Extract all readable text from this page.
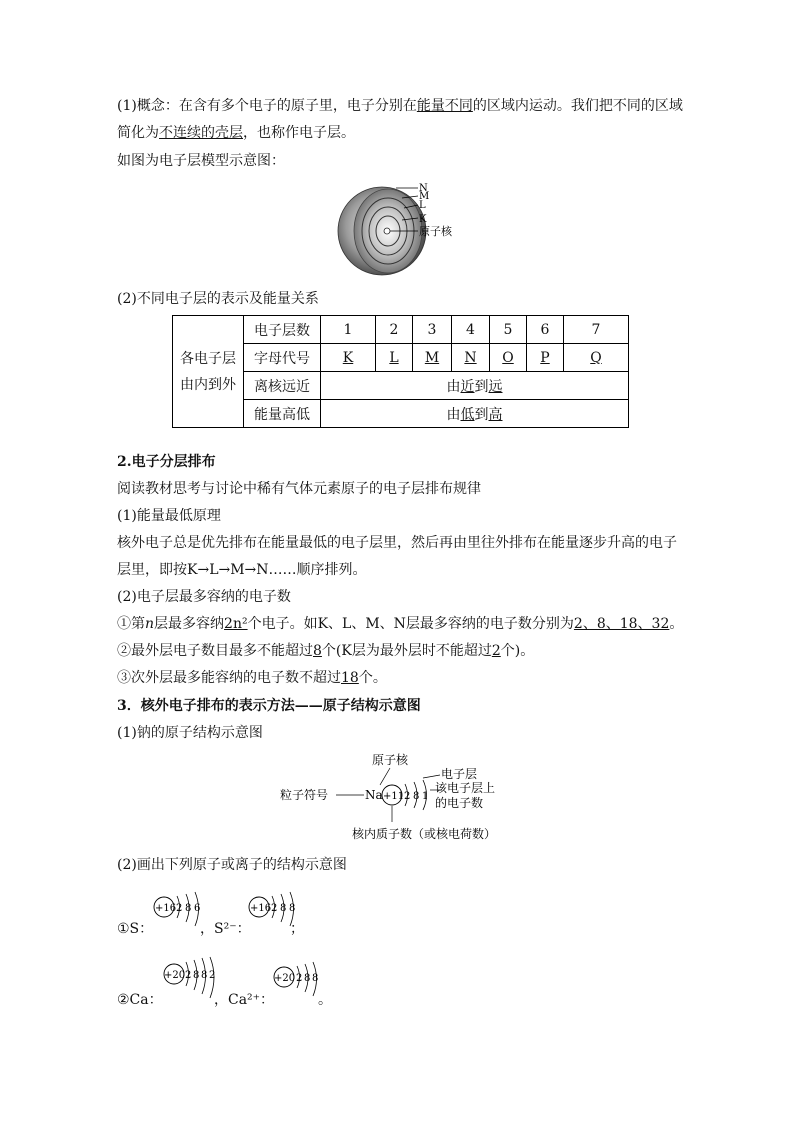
(1)概念：在含有多个电子的原子里，电子分别在能量不同的区域内运动。我们把不同的区域
简化为不连续的壳层，也称作电子层。
如图为电子层模型示意图：
N
M
L
K
原子核
(2)不同电子层的表示及能量关系
各电子层
由内到外	电子层数	1	2	3	4	5	6	7
	字母代号	K	L	M	N	O	P	Q
	离核远近	由近到远						
	能量高低	由低到高						
2.电子分层排布
阅读教材思考与讨论中稀有气体元素原子的电子层排布规律
(1)能量最低原理
核外电子总是优先排布在能量最低的电子层里，然后再由里往外排布在能量逐步升高的电子
层里，即按K→L→M→N……顺序排列。
(2)电子层最多容纳的电子数
①第n层最多容纳2n²个电子。如K、L、M、N层最多容纳的电子数分别为2、8、18、32。
②最外层电子数目最多不能超过8个(K层为最外层时不能超过2个)。
③次外层最多能容纳的电子数不超过18个。
3．核外电子排布的表示方法——原子结构示意图
(1)钠的原子结构示意图
原子核
粒子符号	Na +11 2 8 1
电子层
该电子层上
的电子数
核内质子数（或核电荷数）
(2)画出下列原子或离子的结构示意图
①S：
+16 2 8 6
，S²⁻：
+16 2 8 8
；
②Ca：
+20 2 8 8 2
，Ca²⁺：
+20 2 8 8
。
